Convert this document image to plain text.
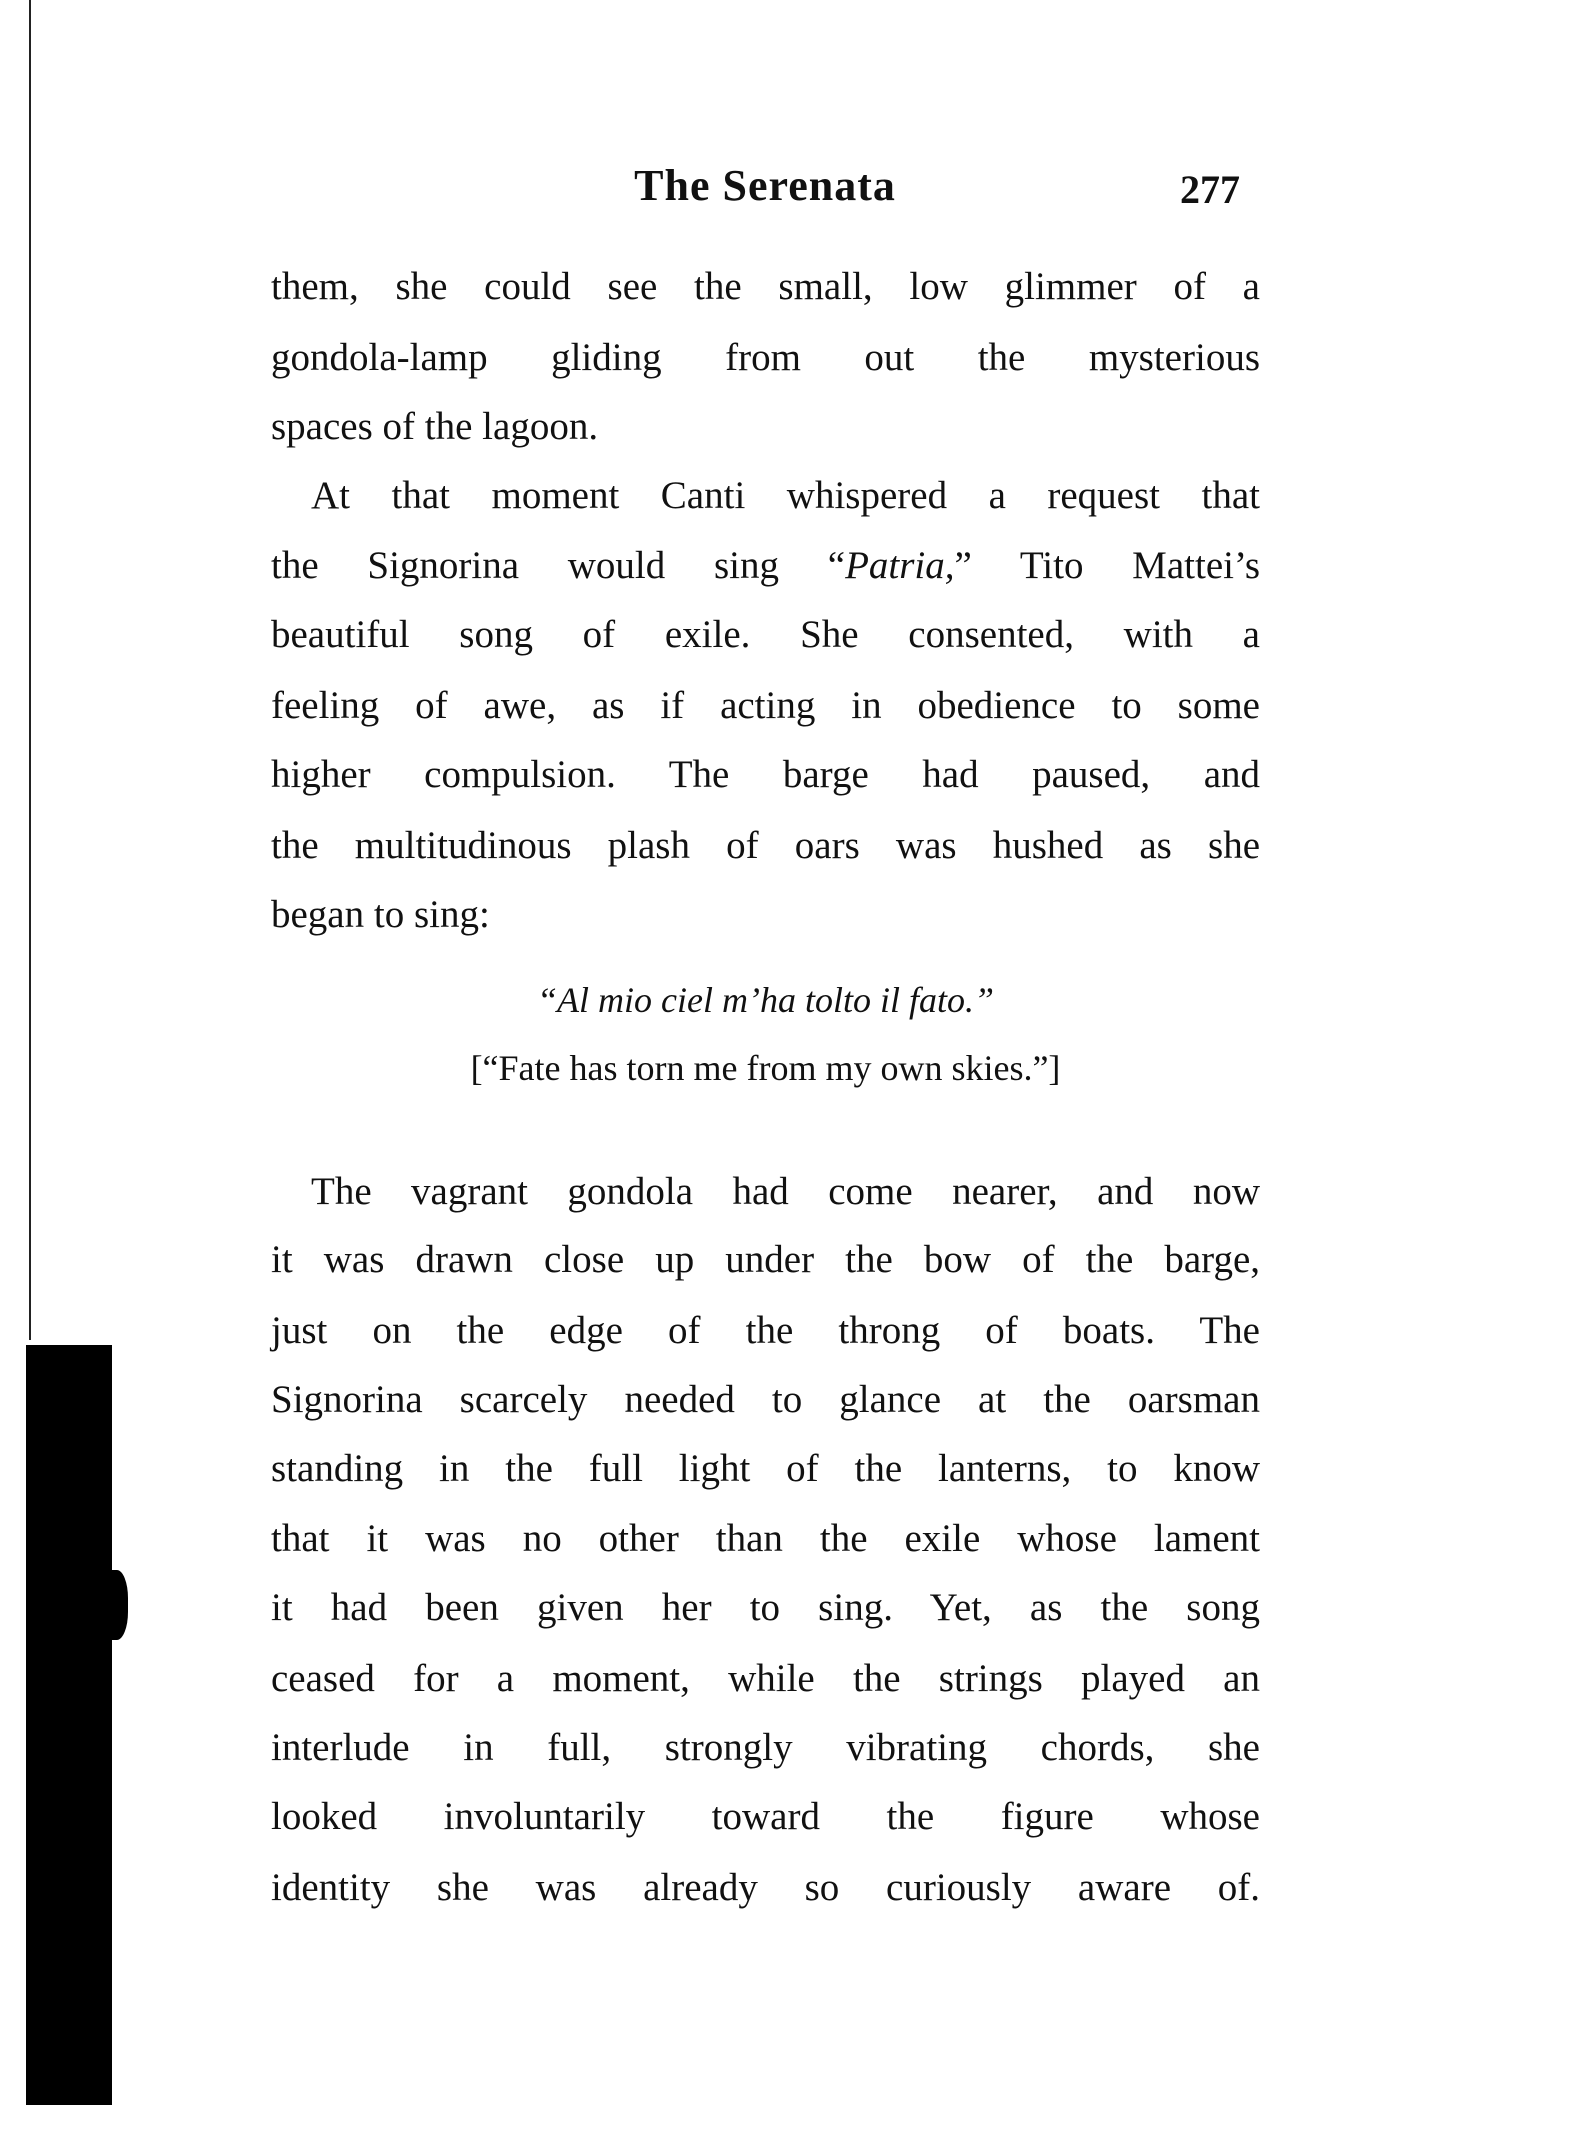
The Serenata	277
them, she could see the small, low glimmer of a
gondola-lamp gliding from out the mysterious
spaces of the lagoon.
At that moment Canti whispered a request that
the Signorina would sing “Patria,” Tito Mattei’s
beautiful song of exile. She consented, with a
feeling of awe, as if acting in obedience to some
higher compulsion. The barge had paused, and
the multitudinous plash of oars was hushed as she
began to sing:
“Al mio ciel m’ha tolto il fato.”
[“Fate has torn me from my own skies.”]
The vagrant gondola had come nearer, and now
it was drawn close up under the bow of the barge,
just on the edge of the throng of boats. The
Signorina scarcely needed to glance at the oarsman
standing in the full light of the lanterns, to know
that it was no other than the exile whose lament
it had been given her to sing. Yet, as the song
ceased for a moment, while the strings played an
interlude in full, strongly vibrating chords, she
looked involuntarily toward the figure whose
identity she was already so curiously aware of.
